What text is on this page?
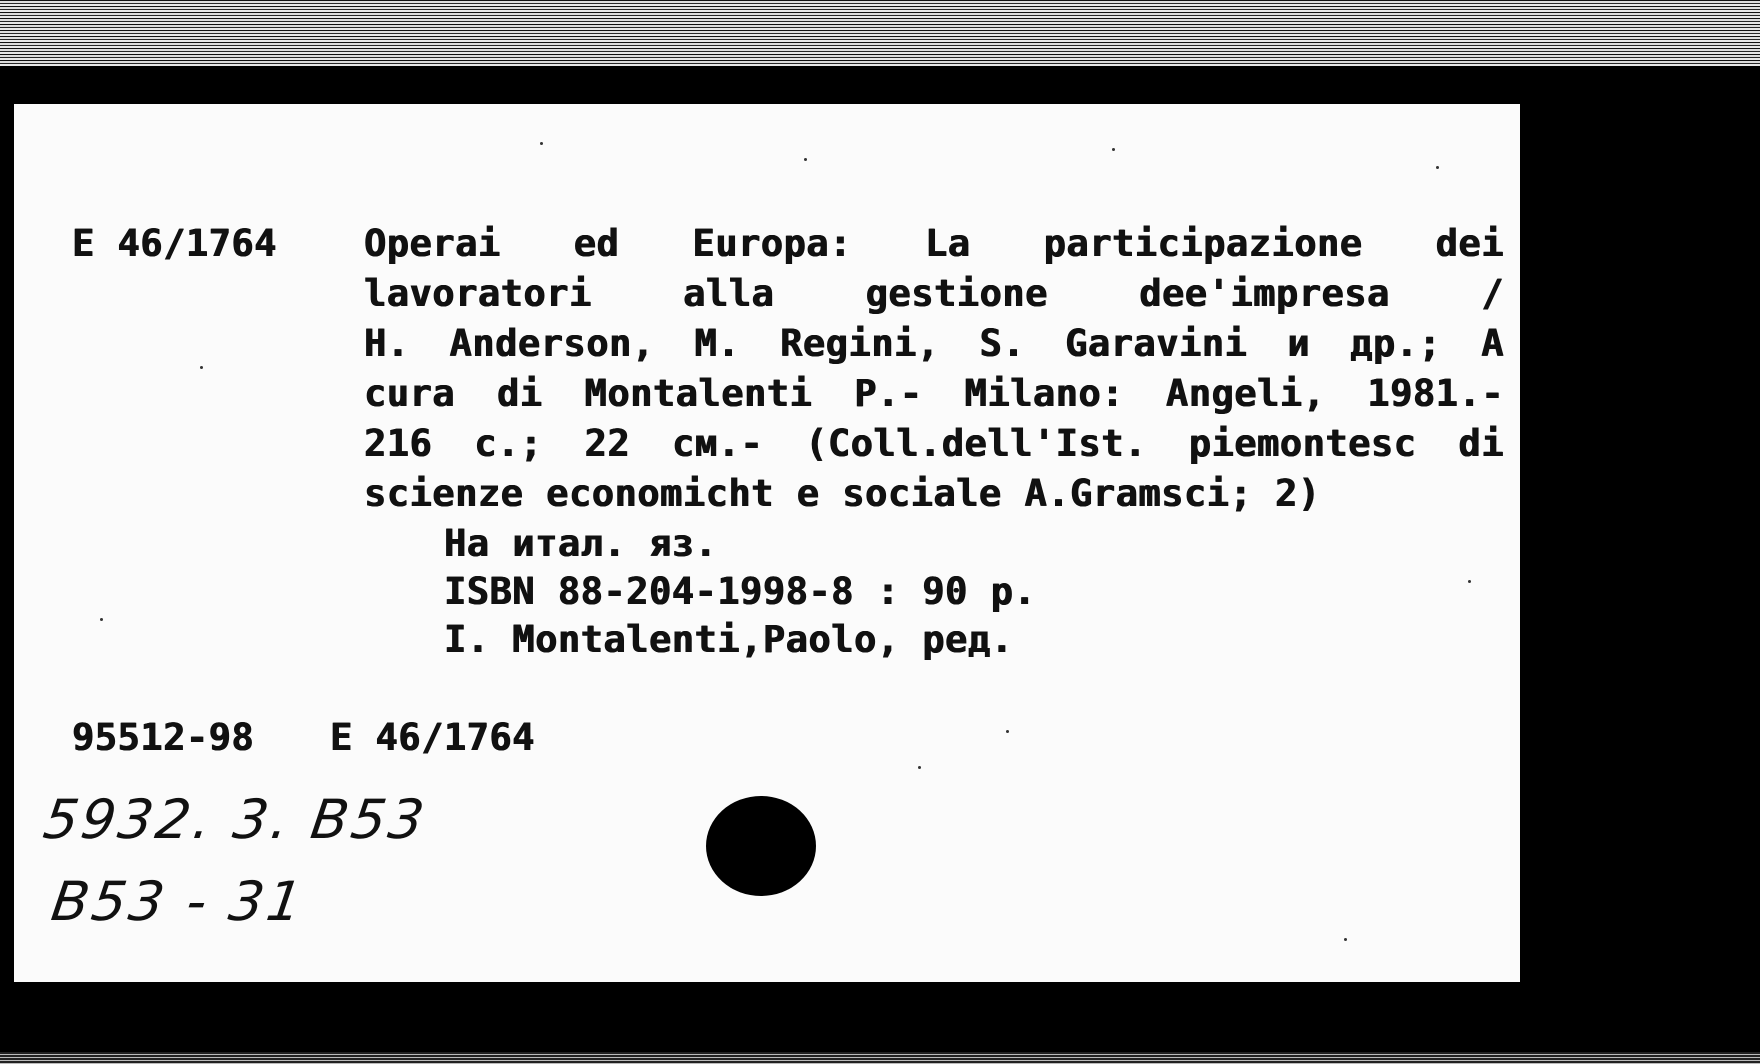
E 46/1764 Operai ed Europa: La participazione dei
lavoratori alla gestione dee'impresa /
H. Anderson, M. Regini, S. Garavini и др.; A
cura di Montalenti P.- Milano: Angeli, 1981.-
216 c.; 22 см.- (Coll.dell'Ist. piemontesc di
scienze economicht e sociale A.Gramsci; 2)
На итал. яз.
ISBN 88-204-1998-8 : 90 p.
I. Montalenti,Paolo, ред.
95512-98 E 46/1764
5932. 3. B53
B53 - 31
